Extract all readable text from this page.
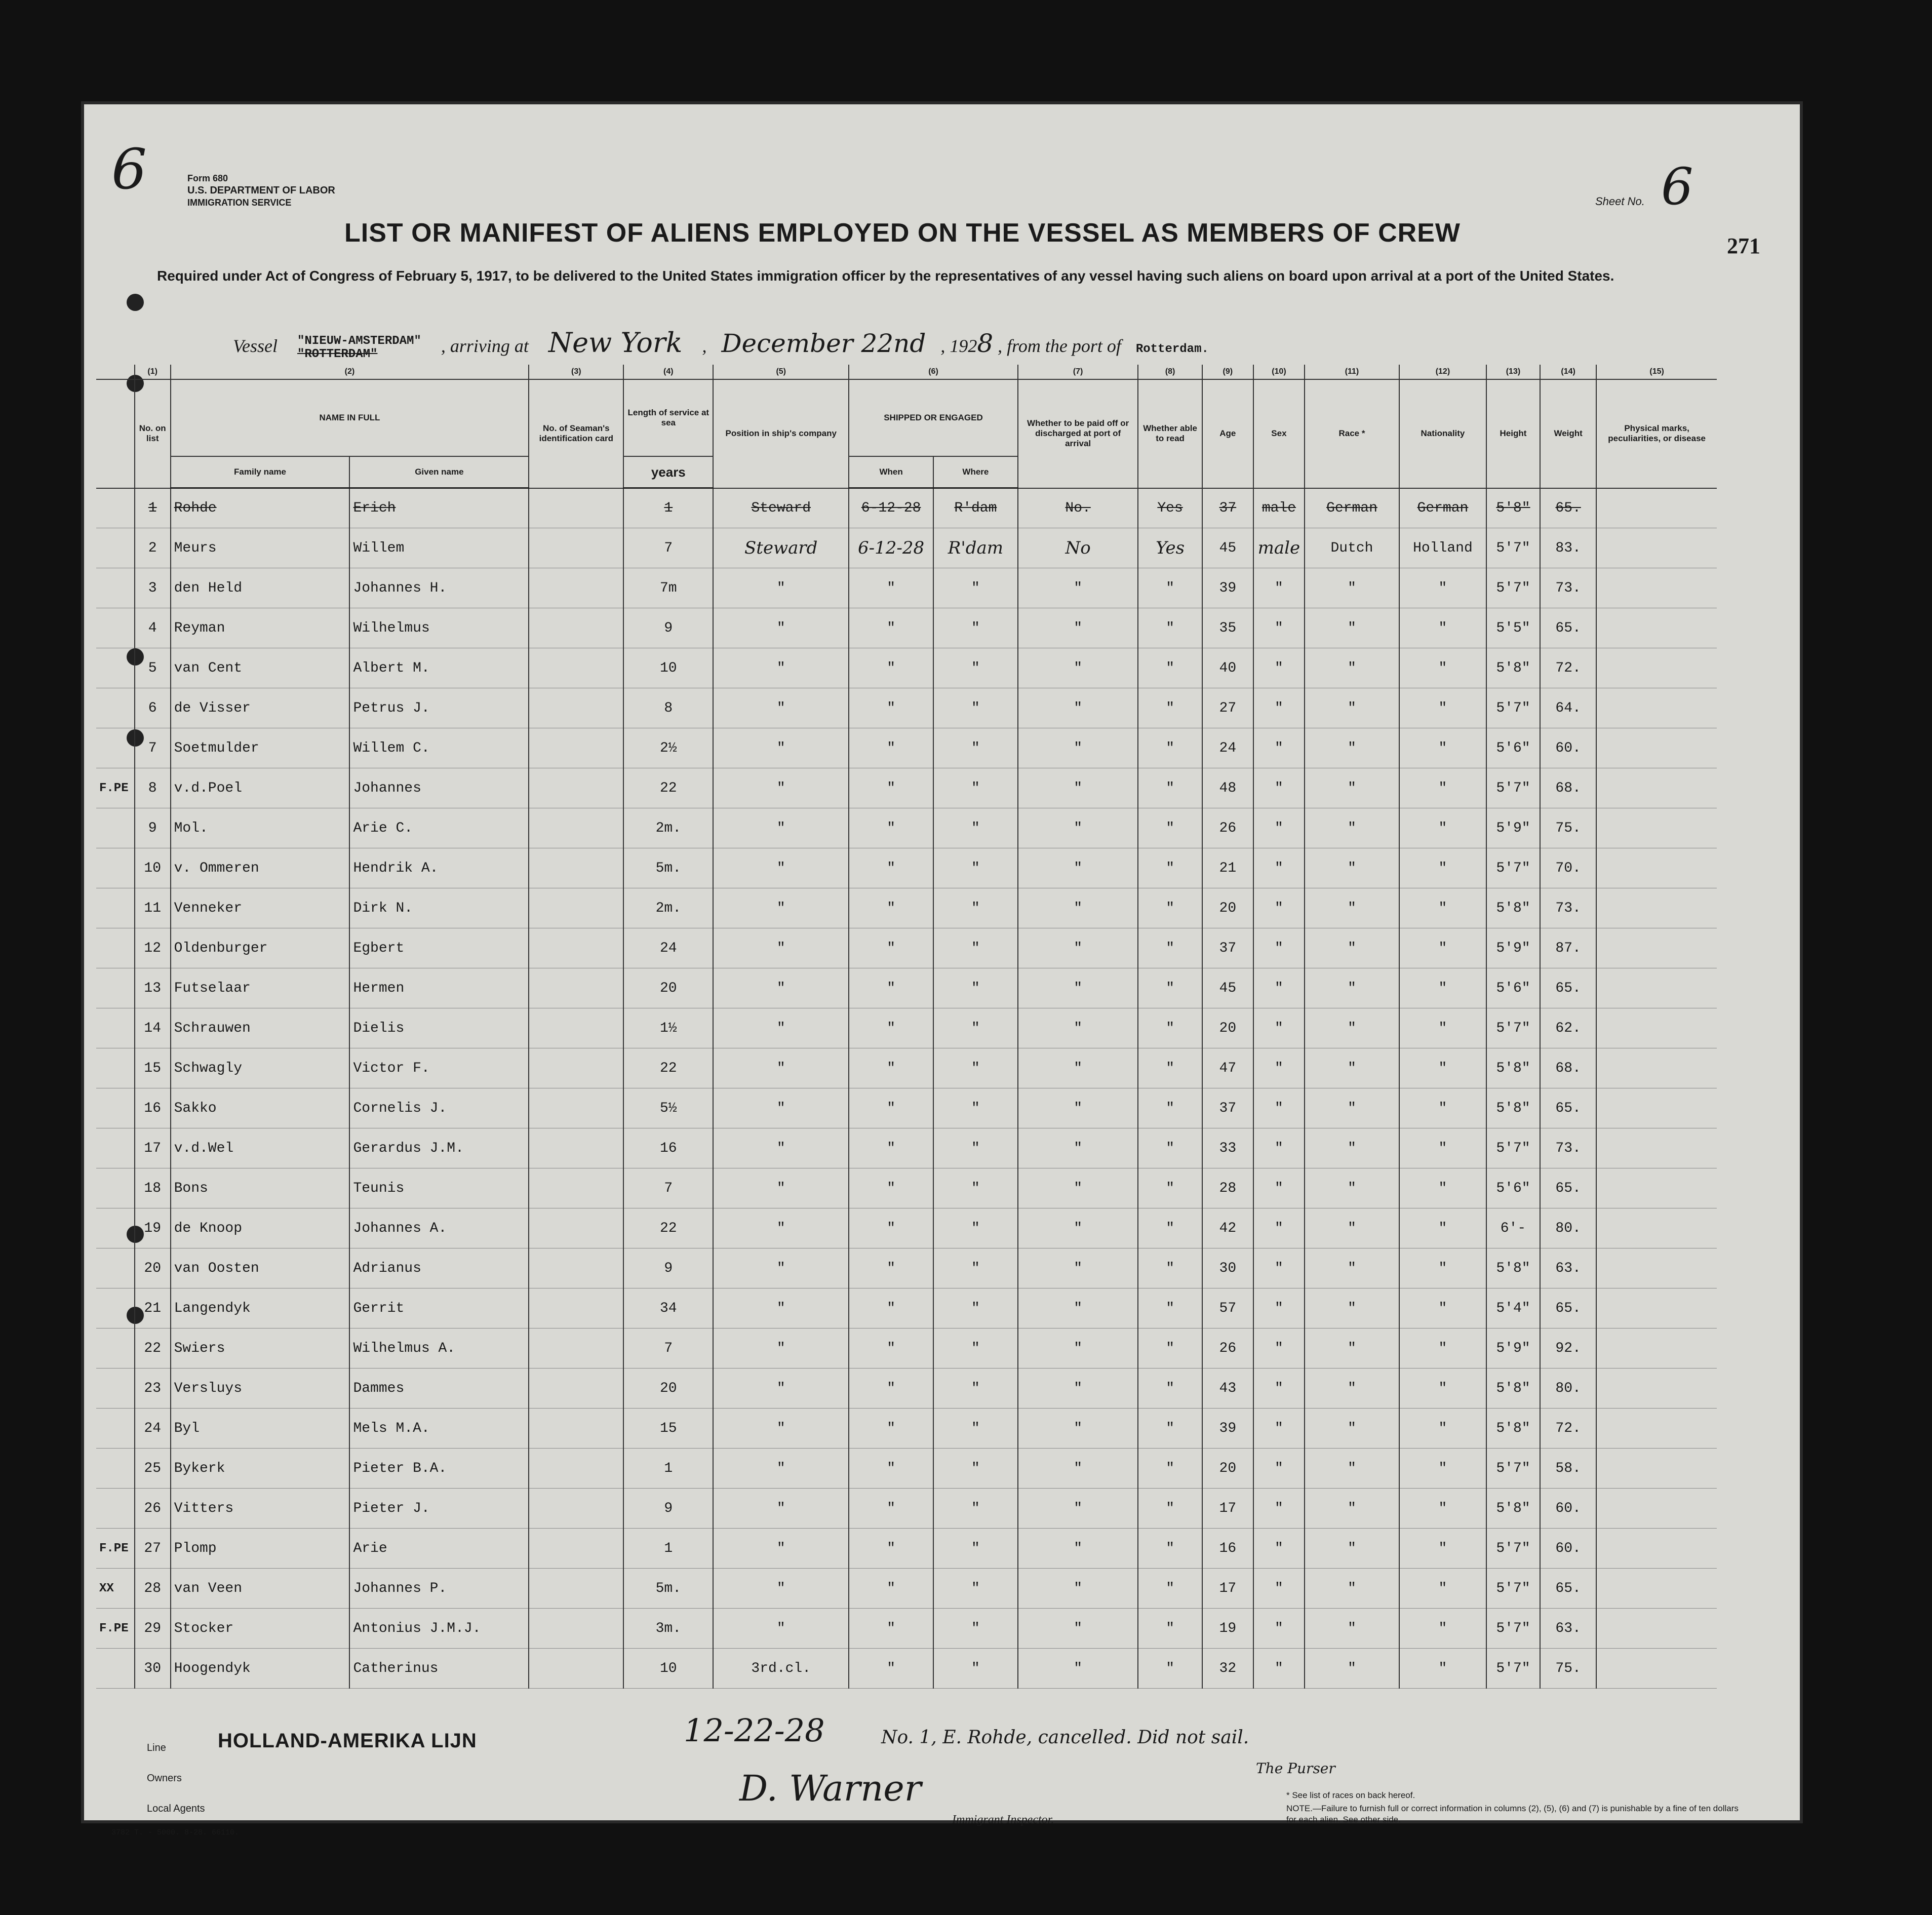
6	Form 680
U.S. DEPARTMENT OF LABOR
IMMIGRATION SERVICE	Sheet No. 6
271
LIST OR MANIFEST OF ALIENS EMPLOYED ON THE VESSEL AS MEMBERS OF CREW
Required under Act of Congress of February 5, 1917, to be delivered to the United States immigration officer by the representatives of any vessel having such aliens on board upon arrival at a port of the United States.
Vessel "NIEUW-AMSTERDAM"
"ROTTERDAM"	, arriving at New York , December 22nd , 1928 , from the port of Rotterdam.
	(1)	(2)		(3)	(4)	(5)	(6)		(7)	(8)	(9)	(10)	(11)	(12)	(13)	(14)	(15)
	No. on list	NAME IN FULL		No. of Seaman's identification card	Length of service at sea	Position in ship's company	SHIPPED OR ENGAGED		Whether to be paid off or discharged at port of arrival	Whether able to read	Age	Sex	Race *	Nationality	Height	Weight	Physical marks, peculiarities, or disease
		Family name	Given name		years		When	Where									
	1	Rohde	Erich		1	Steward	6-12-28	R'dam	No.	Yes	37	male	German	German	5'8"	65.	
	2	Meurs	Willem		7	Steward	6-12-28	R'dam	No	Yes	45	male	Dutch	Holland	5'7"	83.	
	3	den Held	Johannes H.		7m	"	"	"	"	"	39	"	"	"	5'7"	73.	
	4	Reyman	Wilhelmus		9	"	"	"	"	"	35	"	"	"	5'5"	65.	
	5	van Cent	Albert M.		10	"	"	"	"	"	40	"	"	"	5'8"	72.	
	6	de Visser	Petrus J.		8	"	"	"	"	"	27	"	"	"	5'7"	64.	
	7	Soetmulder	Willem C.		2½	"	"	"	"	"	24	"	"	"	5'6"	60.	
F.PE	8	v.d.Poel	Johannes		22	"	"	"	"	"	48	"	"	"	5'7"	68.	
	9	Mol.	Arie C.		2m.	"	"	"	"	"	26	"	"	"	5'9"	75.	
	10	v. Ommeren	Hendrik A.		5m.	"	"	"	"	"	21	"	"	"	5'7"	70.	
	11	Venneker	Dirk N.		2m.	"	"	"	"	"	20	"	"	"	5'8"	73.	
	12	Oldenburger	Egbert		24	"	"	"	"	"	37	"	"	"	5'9"	87.	
	13	Futselaar	Hermen		20	"	"	"	"	"	45	"	"	"	5'6"	65.	
	14	Schrauwen	Dielis		1½	"	"	"	"	"	20	"	"	"	5'7"	62.	
	15	Schwagly	Victor F.		22	"	"	"	"	"	47	"	"	"	5'8"	68.	
	16	Sakko	Cornelis J.		5½	"	"	"	"	"	37	"	"	"	5'8"	65.	
	17	v.d.Wel	Gerardus J.M.		16	"	"	"	"	"	33	"	"	"	5'7"	73.	
	18	Bons	Teunis		7	"	"	"	"	"	28	"	"	"	5'6"	65.	
	19	de Knoop	Johannes A.		22	"	"	"	"	"	42	"	"	"	6'-	80.	
	20	van Oosten	Adrianus		9	"	"	"	"	"	30	"	"	"	5'8"	63.	
	21	Langendyk	Gerrit		34	"	"	"	"	"	57	"	"	"	5'4"	65.	
	22	Swiers	Wilhelmus A.		7	"	"	"	"	"	26	"	"	"	5'9"	92.	
	23	Versluys	Dammes		20	"	"	"	"	"	43	"	"	"	5'8"	80.	
	24	Byl	Mels M.A.		15	"	"	"	"	"	39	"	"	"	5'8"	72.	
	25	Bykerk	Pieter B.A.		1	"	"	"	"	"	20	"	"	"	5'7"	58.	
	26	Vitters	Pieter J.		9	"	"	"	"	"	17	"	"	"	5'8"	60.	
F.PE	27	Plomp	Arie		1	"	"	"	"	"	16	"	"	"	5'7"	60.	
XX	28	van Veen	Johannes P.		5m.	"	"	"	"	"	17	"	"	"	5'7"	65.	
F.PE	29	Stocker	Antonius J.M.J.		3m.	"	"	"	"	"	19	"	"	"	5'7"	63.	
	30	Hoogendyk	Catherinus		10	3rd.cl.	"	"	"	"	32	"	"	"	5'7"	75.	
Line	HOLLAND-AMERIKA LIJN
Owners
Local Agents
3782 T. - 5000. 8-28. 66110.
12-22-28	No. 1, E. Rohde, cancelled. Did not sail.
The Purser
D. Warner
Immigrant Inspector.
* See list of races on back hereof.
NOTE.—Failure to furnish full or correct information in columns (2), (5), (6) and (7) is punishable by a fine of ten dollars for each alien. See other side.
